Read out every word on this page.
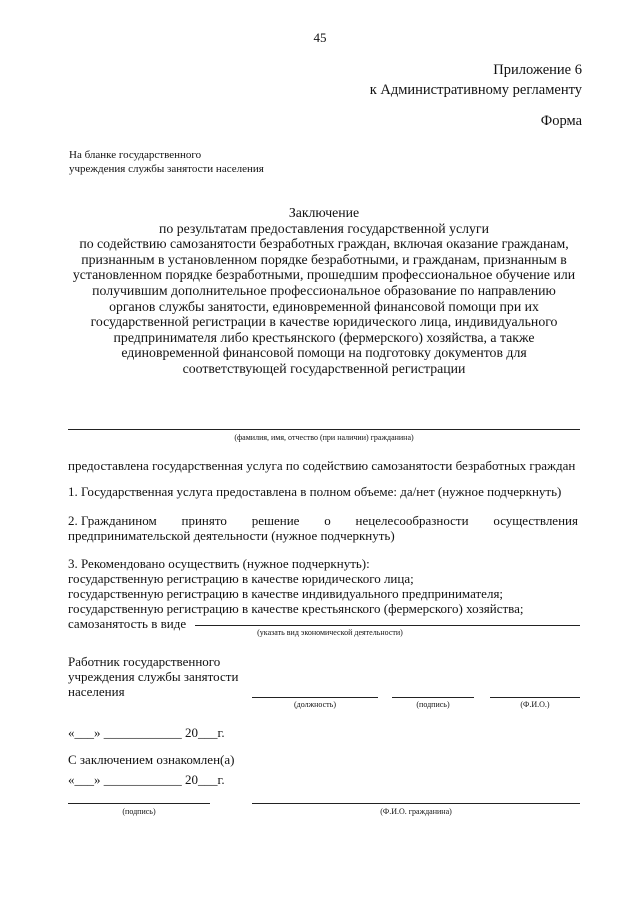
45
Приложение 6
к Административному регламенту
Форма
На бланке государственного
учреждения службы занятости населения
Заключение
по результатам предоставления государственной услуги
по содействию самозанятости безработных граждан, включая оказание гражданам,
признанным в установленном порядке безработными, и гражданам, признанным в
установленном порядке безработными, прошедшим профессиональное обучение или
получившим дополнительное профессиональное образование по направлению
органов службы занятости, единовременной финансовой помощи при их
государственной регистрации в качестве юридического лица, индивидуального
предпринимателя либо крестьянского (фермерского) хозяйства, а также
единовременной финансовой помощи на подготовку документов для
соответствующей государственной регистрации
(фамилия, имя, отчество (при наличии) гражданина)
предоставлена государственная услуга по содействию самозанятости безработных граждан
1. Государственная услуга предоставлена в полном объеме: да/нет (нужное подчеркнуть)
2. Гражданином принято решение о нецелесообразности осуществления
предпринимательской деятельности (нужное подчеркнуть)
3. Рекомендовано осуществить (нужное подчеркнуть):
государственную регистрацию в качестве юридического лица;
государственную регистрацию в качестве индивидуального предпринимателя;
государственную регистрацию в качестве крестьянского (фермерского) хозяйства;
самозанятость в виде
(указать вид экономической деятельности)
Работник государственного
учреждения службы занятости
населения
(должность)	(подпись)	(Ф.И.О.)
«___» ____________ 20___г.
С заключением ознакомлен(а)
«___» ____________ 20___г.
(подпись)	(Ф.И.О. гражданина)
